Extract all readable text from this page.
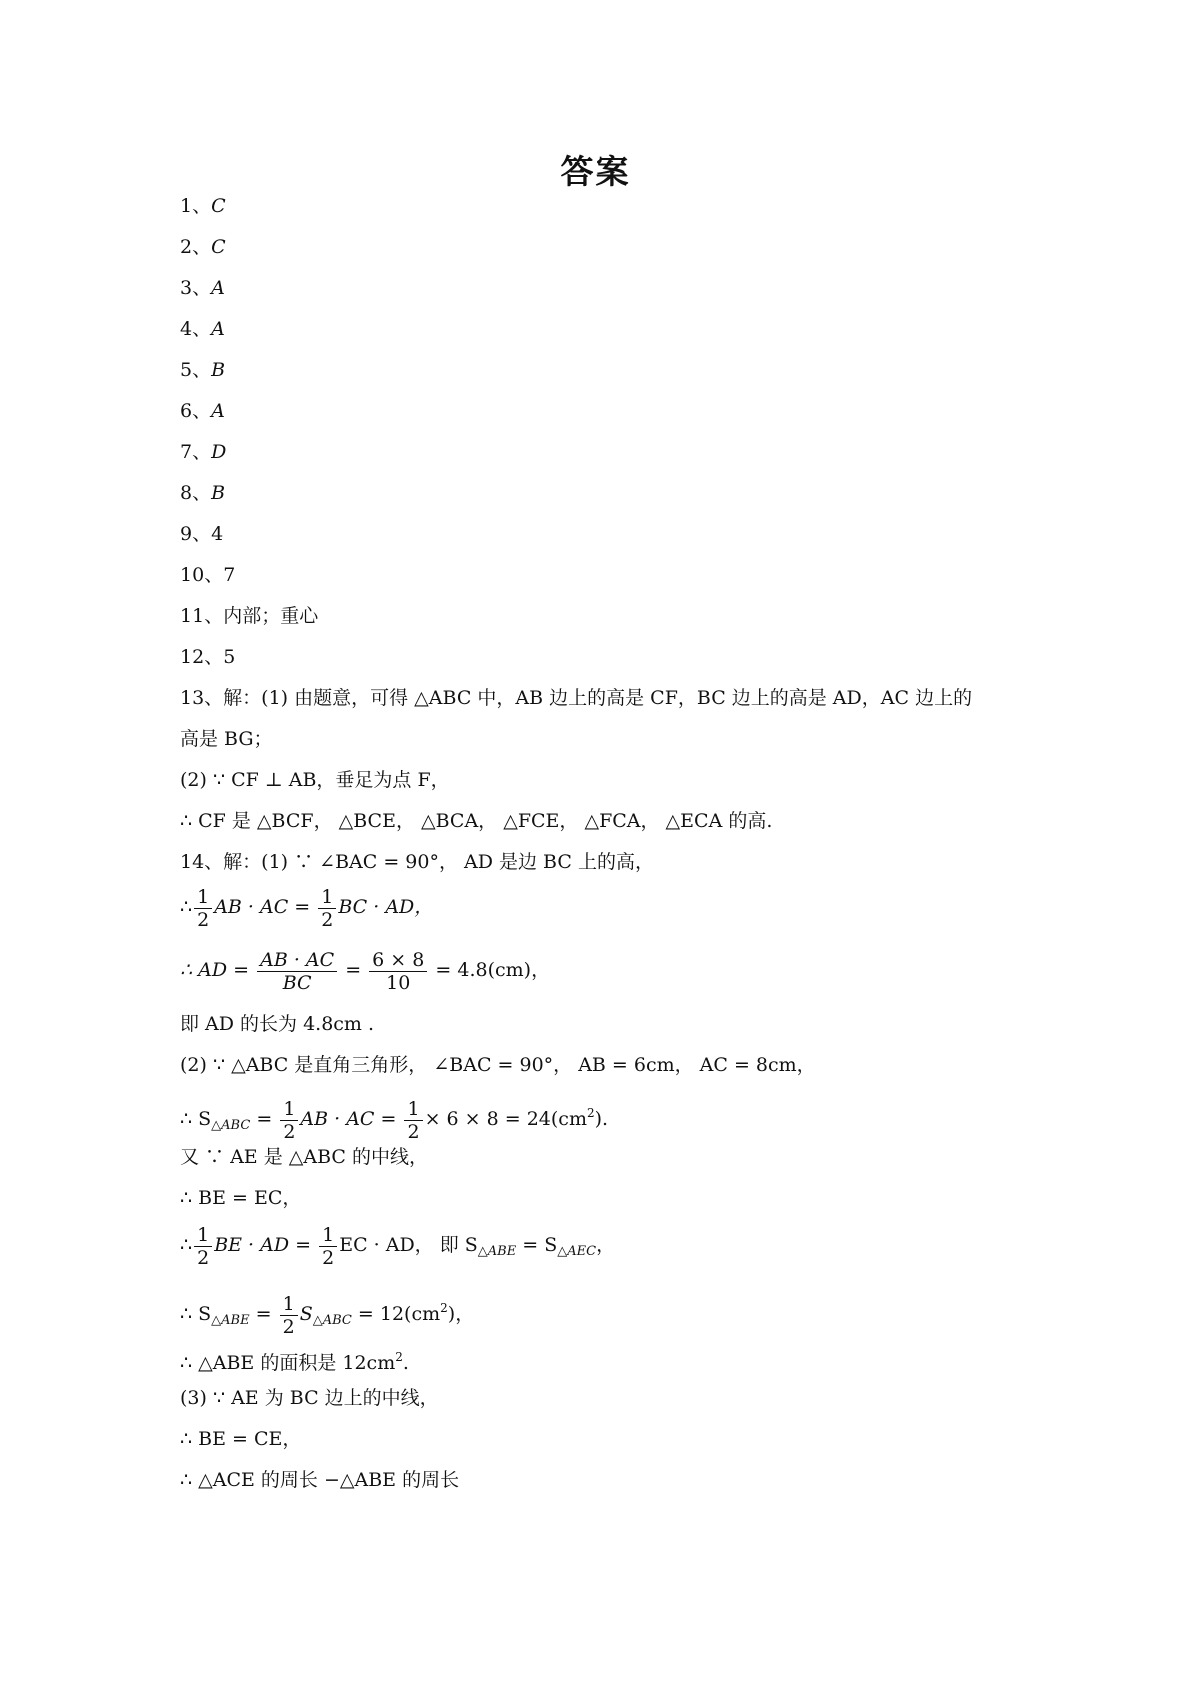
答案
1、C
2、C
3、A
4、A
5、B
6、A
7、D
8、B
9、4
10、7
11、内部；重心
12、5
13、解：(1) 由题意，可得 △ABC 中，AB 边上的高是 CF，BC 边上的高是 AD，AC 边上的
高是 BG；
(2) ∵ CF ⊥ AB，垂足为点 F，
∴ CF 是 △BCF， △BCE， △BCA， △FCE， △FCA， △ECA 的高.
14、解：(1) ∵ ∠BAC = 90°， AD 是边 BC 上的高，
∴ $\frac{1}{2}$ AB · AC = $\frac{1}{2}$ BC · AD，
∴ AD = $\frac{AB \cdot AC}{BC} = \frac{6 \times 8}{10} = 4.8(cm)$，
即 AD 的长为 4.8cm .
(2) ∵ △ABC 是直角三角形， ∠BAC = 90°， AB = 6cm， AC = 8cm，
∴ $S_{\triangle ABC} = \frac{1}{2}$ AB · AC = $\frac{1}{2} \times 6 \times 8 = 24(cm^2)$.
又 ∵ AE 是 △ABC 的中线，
∴ BE = EC，
∴ $\frac{1}{2}$ BE · AD = $\frac{1}{2}$ EC · AD， 即 $S_{\triangle ABE} = S_{\triangle AEC}$，
∴ $S_{\triangle ABE} = \frac{1}{2} S_{\triangle ABC} = 12(cm^2)$，
∴ △ABE 的面积是 $12cm^2$.
(3) ∵ AE 为 BC 边上的中线，
∴ BE = CE，
∴ △ACE 的周长 −△ABE 的周长
